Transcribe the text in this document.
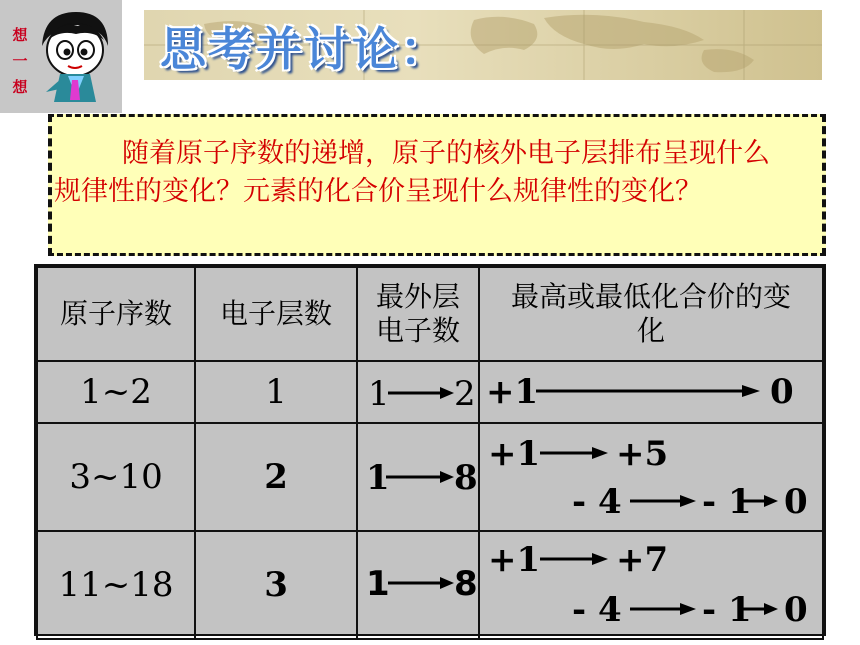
想
一
想
思考并讨论：

随着原子序数的递增，原子的核外电子层排布呈现什么规律性的变化？元素的化合价呈现什么规律性的变化？

原子序数	电子层数	最外层电子数	最高或最低化合价的变化
1~2	1	1 2	+1 0

3~10	2	1 8	+1 +5
- 4 - 1 0

11~18	3	1 8	+1 +7
- 4 - 1 0
